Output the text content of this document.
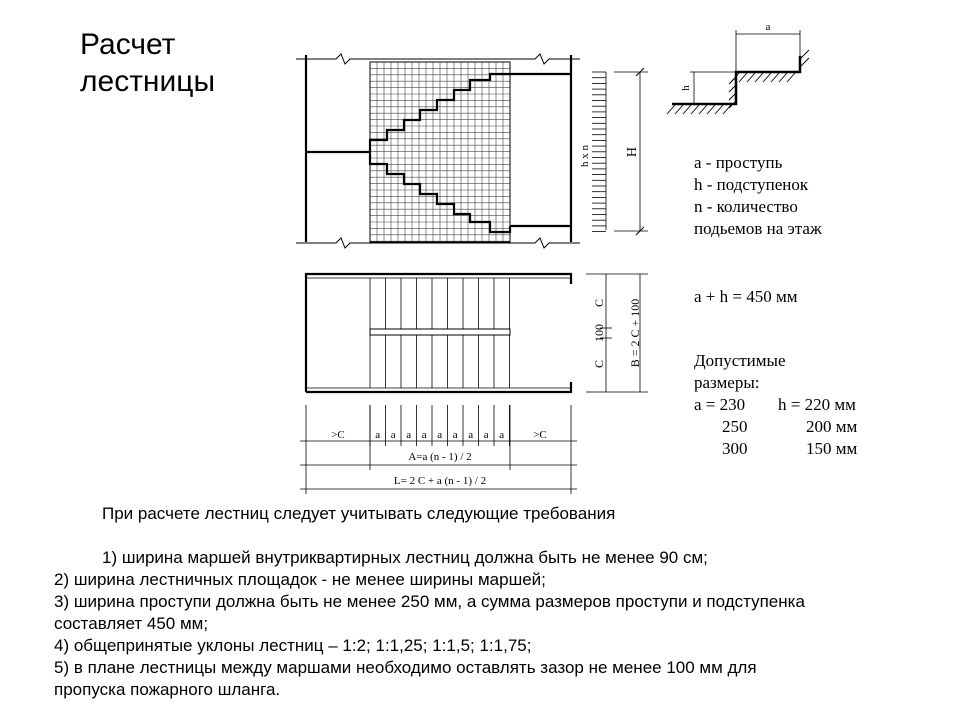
Расчет
лестницы
h x n H
a
h
C
100
C B = 2 C + 100
>C	>C
a a a a a a a a a
A=a (n - 1) / 2
L= 2 C + a (n - 1) / 2
a - проступь
h - подступенок
n - количество
подьемов на этаж
a + h = 450 мм
Допустимые
размеры:
a = 230 h = 220 мм
250	200 мм
300	150 мм
При расчете лестниц следует учитывать следующие требования
1) ширина маршей внутриквартирных лестниц должна быть не менее 90 см;
2) ширина лестничных площадок - не менее ширины маршей;
3) ширина проступи должна быть не менее 250 мм, а сумма размеров проступи и подступенка
составляет 450 мм;
4) общепринятые уклоны лестниц – 1:2; 1:1,25; 1:1,5; 1:1,75;
5) в плане лестницы между маршами необходимо оставлять зазор не менее 100 мм для
пропуска пожарного шланга.
